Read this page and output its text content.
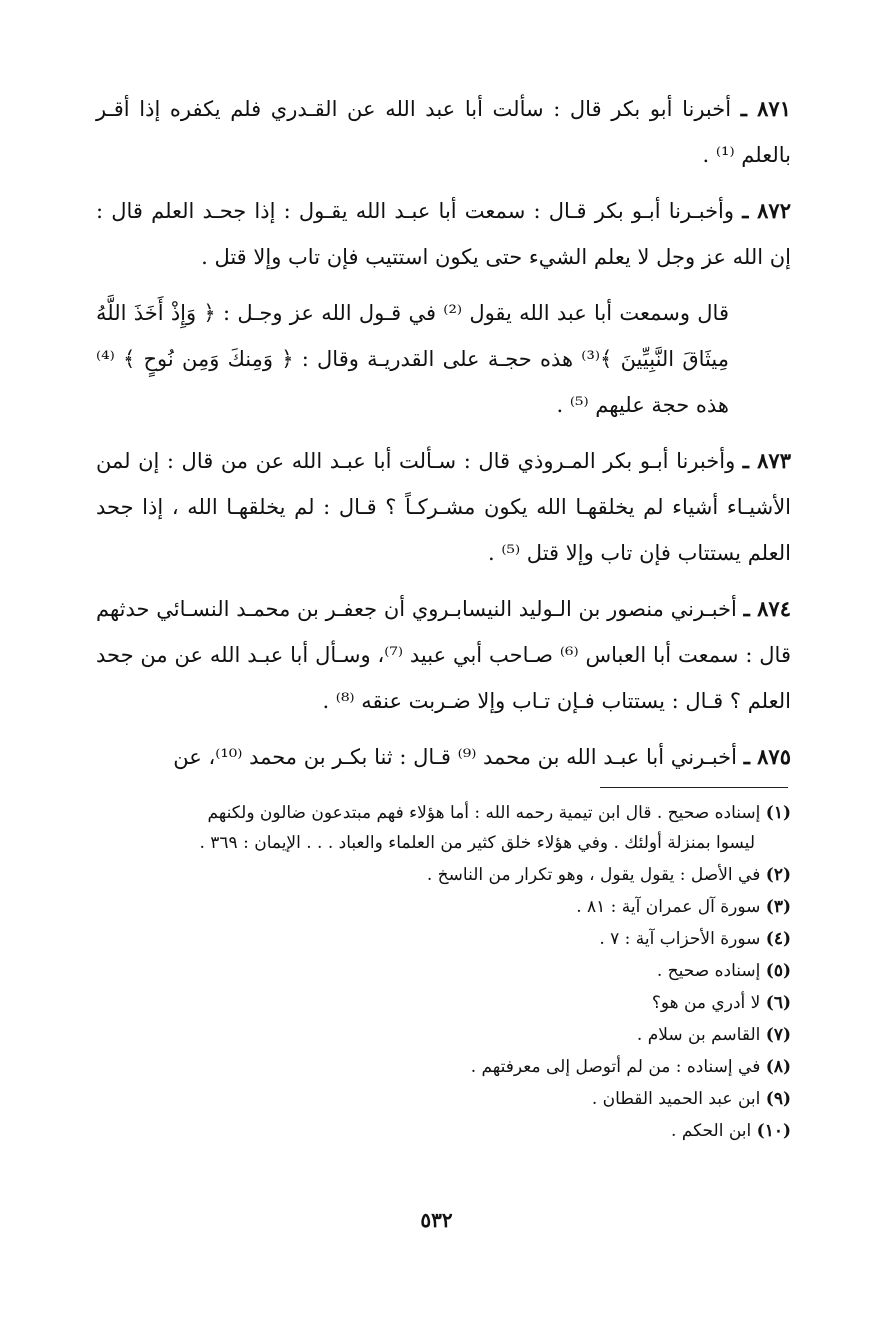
٨٧١ ـ أخبرنا أبو بكر قال : سألت أبا عبد الله عن القـدري فلم يكفره إذا أقـر بالعلم ⁽¹⁾ .

٨٧٢ ـ وأخبـرنا أبـو بكر قـال : سمعت أبا عبـد الله يقـول : إذا جحـد العلم قال : إن الله عز وجل لا يعلم الشيء حتى يكون استتيب فإن تاب وإلا قتل .

قال وسمعت أبا عبد الله يقول ⁽²⁾ في قـول الله عز وجـل : ﴿ وَإِذْ أَخَذَ اللَّهُ مِيثَاقَ النَّبِيِّينَ ﴾⁽³⁾ هذه حجـة على القدريـة وقال : ﴿ وَمِنكَ وَمِن نُوحٍ ﴾ ⁽⁴⁾ هذه حجة عليهم ⁽⁵⁾ .

٨٧٣ ـ وأخبرنا أبـو بكر المـروذي قال : سـألت أبا عبـد الله عن من قال : إن لمن الأشيـاء أشياء لم يخلقهـا الله يكون مشـركـاً ؟ قـال : لم يخلقهـا الله ، إذا جحد العلم يستتاب فإن تاب وإلا قتل ⁽⁵⁾ .

٨٧٤ ـ أخبـرني منصور بن الـوليد النيسابـروي أن جعفـر بن محمـد النسـائي حدثهم قال : سمعت أبا العباس ⁽⁶⁾ صـاحب أبي عبيد ⁽⁷⁾، وسـأل أبا عبـد الله عن من جحد العلم ؟ قـال : يستتاب فـإن تـاب وإلا ضـربت عنقه ⁽⁸⁾ .

٨٧٥ ـ أخبـرني أبا عبـد الله بن محمد ⁽⁹⁾ قـال : ثنا بكـر بن محمد ⁽¹⁰⁾، عن

(١) إسناده صحيح . قال ابن تيمية رحمه الله : أما هؤلاء فهم مبتدعون ضالون ولكنهم
ليسوا بمنزلة أولئك . وفي هؤلاء خلق كثير من العلماء والعباد . . . الإيمان : ٣٦٩ .
(٢) في الأصل : يقول يقول ، وهو تكرار من الناسخ .
(٣) سورة آل عمران آية : ٨١ .
(٤) سورة الأحزاب آية : ٧ .
(٥) إسناده صحيح .
(٦) لا أدري من هو؟
(٧) القاسم بن سلام .
(٨) في إسناده : من لم أتوصل إلى معرفتهم .
(٩) ابن عبد الحميد القطان .
(١٠) ابن الحكم .
٥٣٢
